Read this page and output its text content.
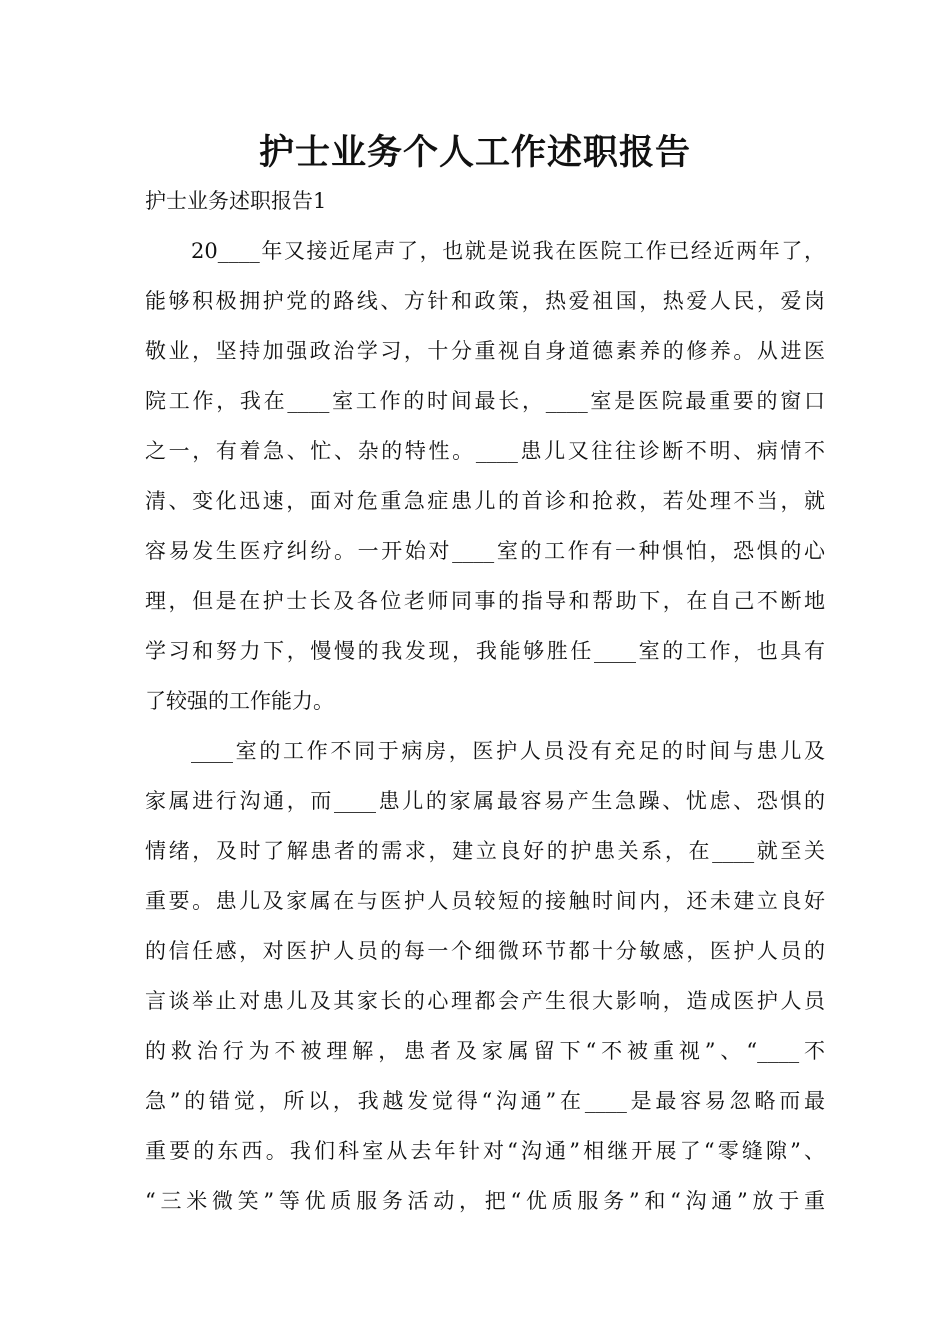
护士业务个人工作述职报告

护士业务述职报告1

20____年又接近尾声了，也就是说我在医院工作已经近两年了，

能够积极拥护党的路线、方针和政策，热爱祖国，热爱人民，爱岗

敬业，坚持加强政治学习，十分重视自身道德素养的修养。从进医

院工作，我在____室工作的时间最长，____室是医院最重要的窗口

之一，有着急、忙、杂的特性。____患儿又往往诊断不明、病情不

清、变化迅速，面对危重急症患儿的首诊和抢救，若处理不当，就

容易发生医疗纠纷。一开始对____室的工作有一种惧怕，恐惧的心

理，但是在护士长及各位老师同事的指导和帮助下，在自己不断地

学习和努力下，慢慢的我发现，我能够胜任____室的工作，也具有

了较强的工作能力。

____室的工作不同于病房，医护人员没有充足的时间与患儿及

家属进行沟通，而____患儿的家属最容易产生急躁、忧虑、恐惧的

情绪，及时了解患者的需求，建立良好的护患关系，在____就至关

重要。患儿及家属在与医护人员较短的接触时间内，还未建立良好

的信任感，对医护人员的每一个细微环节都十分敏感，医护人员的

言谈举止对患儿及其家长的心理都会产生很大影响，造成医护人员

的救治行为不被理解，患者及家属留下“不被重视”、“____不

急”的错觉，所以，我越发觉得“沟通”在____是最容易忽略而最

重要的东西。我们科室从去年针对“沟通”相继开展了“零缝隙”、

“三米微笑”等优质服务活动，把“优质服务”和“沟通”放于重
